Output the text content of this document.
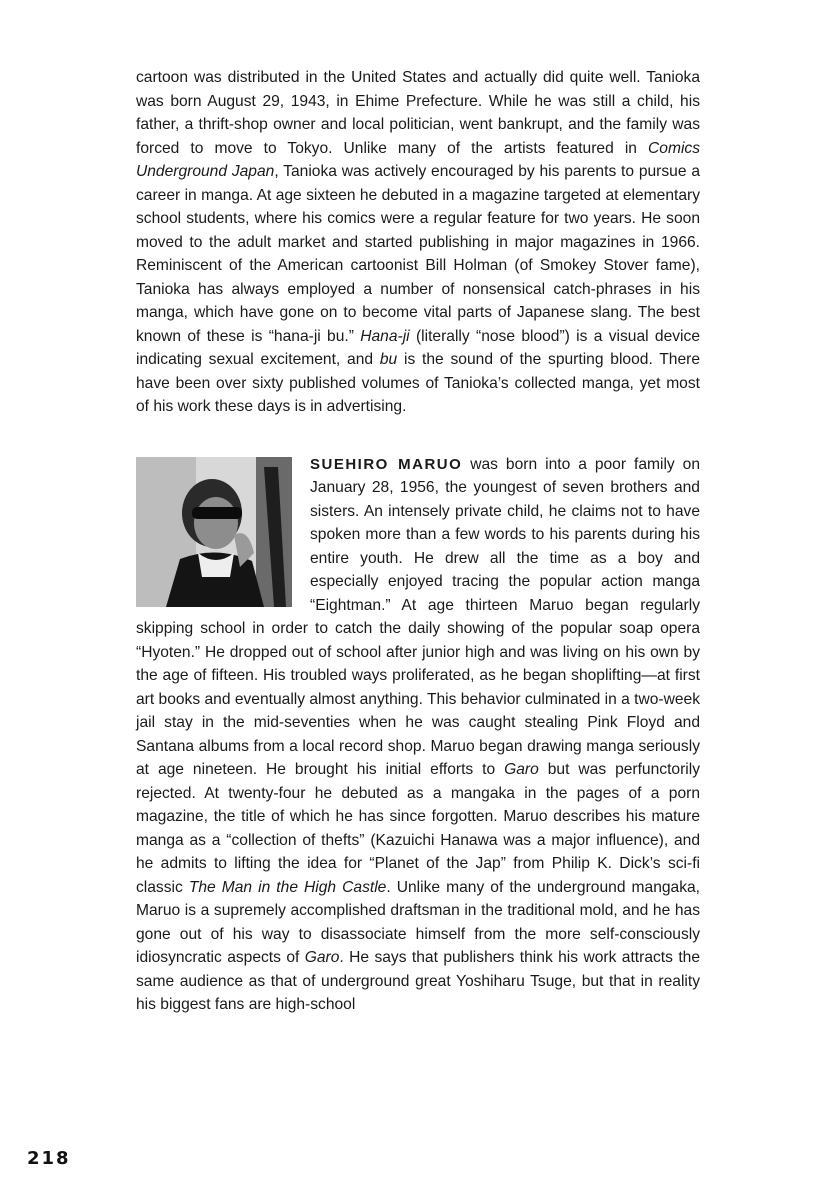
cartoon was distributed in the United States and actually did quite well. Tanioka was born August 29, 1943, in Ehime Prefecture. While he was still a child, his father, a thrift-shop owner and local politician, went bankrupt, and the family was forced to move to Tokyo. Unlike many of the artists featured in Comics Underground Japan, Tanioka was actively encouraged by his parents to pursue a career in manga. At age sixteen he debuted in a magazine targeted at elementary school students, where his comics were a regular feature for two years. He soon moved to the adult market and started publishing in major magazines in 1966. Reminiscent of the American cartoonist Bill Holman (of Smokey Stover fame), Tanioka has always employed a number of nonsensical catch-phrases in his manga, which have gone on to become vital parts of Japanese slang. The best known of these is “hana-ji bu.” Hana-ji (literally “nose blood”) is a visual device indicating sexual excitement, and bu is the sound of the spurting blood. There have been over sixty published volumes of Tanioka’s collected manga, yet most of his work these days is in advertising.

SUEHIRO MARUO was born into a poor family on January 28, 1956, the youngest of seven brothers and sisters. An intensely private child, he claims not to have spoken more than a few words to his parents during his entire youth. He drew all the time as a boy and especially enjoyed tracing the popular action manga “Eightman.” At age thirteen Maruo began regularly skipping school in order to catch the daily showing of the popular soap opera “Hyoten.” He dropped out of school after junior high and was living on his own by the age of fifteen. His troubled ways proliferated, as he began shoplifting—at first art books and eventually almost anything. This behavior culminated in a two-week jail stay in the mid-seventies when he was caught stealing Pink Floyd and Santana albums from a local record shop. Maruo began drawing manga seriously at age nineteen. He brought his initial efforts to Garo but was perfunctorily rejected. At twenty-four he debuted as a mangaka in the pages of a porn magazine, the title of which he has since forgotten. Maruo describes his mature manga as a “collection of thefts” (Kazuichi Hanawa was a major influence), and he admits to lifting the idea for “Planet of the Jap” from Philip K. Dick’s sci-fi classic The Man in the High Castle. Unlike many of the underground mangaka, Maruo is a supremely accomplished draftsman in the traditional mold, and he has gone out of his way to disassociate himself from the more self-consciously idiosyncratic aspects of Garo. He says that publishers think his work attracts the same audience as that of underground great Yoshiharu Tsuge, but that in reality his biggest fans are high-school

218
